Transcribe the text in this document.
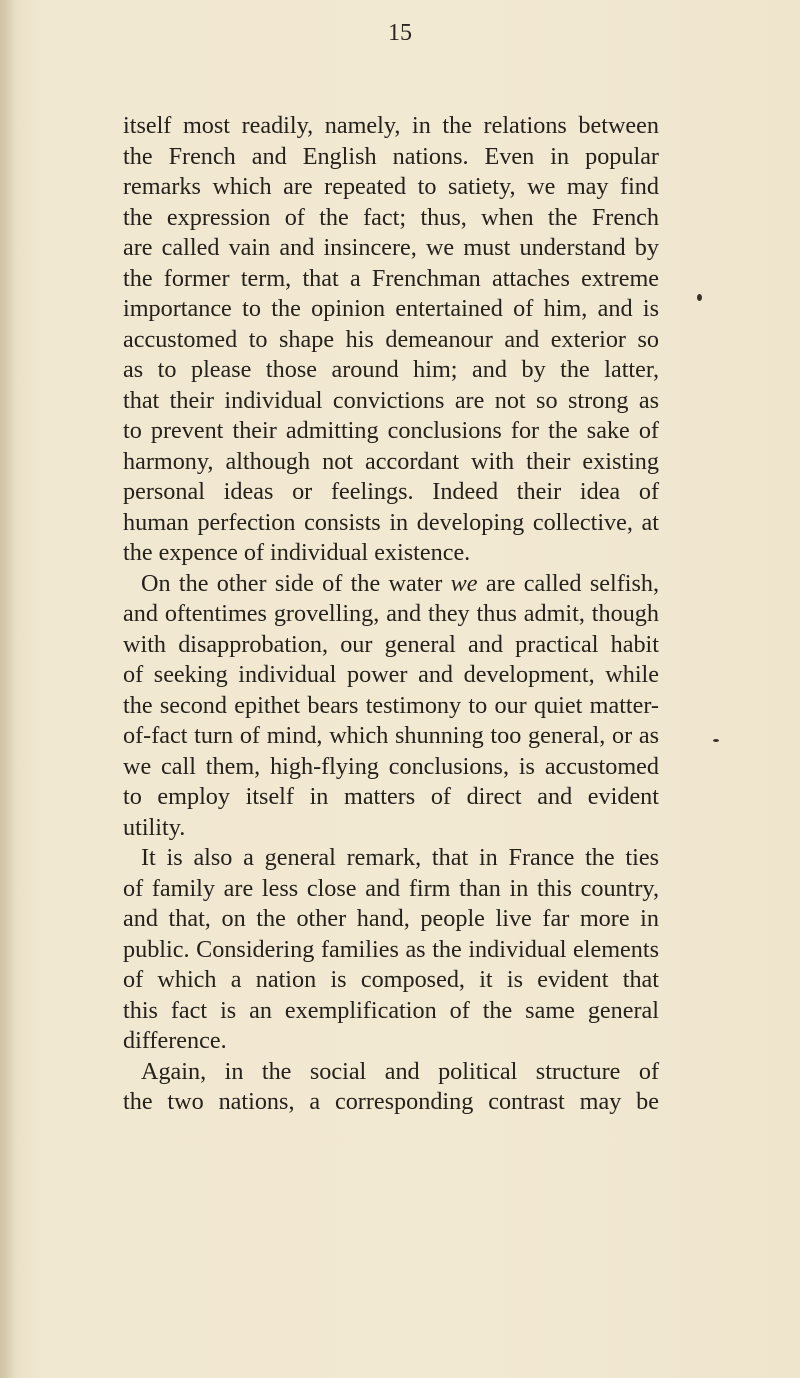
15

itself most readily, namely, in the relations between
the French and English nations. Even in popular
remarks which are repeated to satiety, we may find
the expression of the fact; thus, when the French
are called vain and insincere, we must understand by
the former term, that a Frenchman attaches extreme
importance to the opinion entertained of him, and is
accustomed to shape his demeanour and exterior so
as to please those around him; and by the latter,
that their individual convictions are not so strong as
to prevent their admitting conclusions for the sake of
harmony, although not accordant with their existing
personal ideas or feelings. Indeed their idea of
human perfection consists in developing collective, at
the expence of individual existence.
On the other side of the water we are called selfish,
and oftentimes grovelling, and they thus admit, though
with disapprobation, our general and practical habit
of seeking individual power and development, while
the second epithet bears testimony to our quiet matter-
of-fact turn of mind, which shunning too general, or as
we call them, high-flying conclusions, is accustomed
to employ itself in matters of direct and evident
utility.
It is also a general remark, that in France the ties
of family are less close and firm than in this country,
and that, on the other hand, people live far more in
public. Considering families as the individual elements
of which a nation is composed, it is evident that
this fact is an exemplification of the same general
difference.
Again, in the social and political structure of
the two nations, a corresponding contrast may be
